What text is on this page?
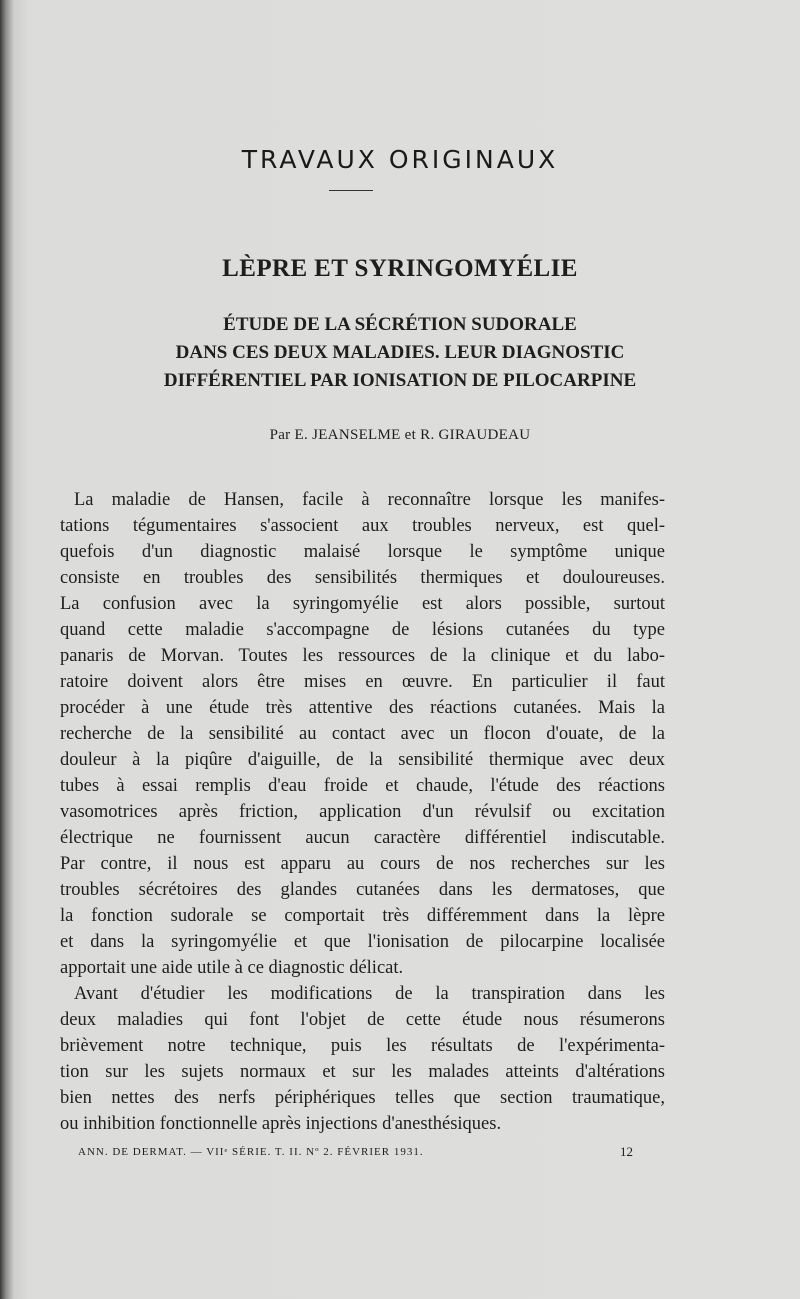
TRAVAUX ORIGINAUX
LÈPRE ET SYRINGOMYÉLIE
ÉTUDE DE LA SÉCRÉTION SUDORALE
DANS CES DEUX MALADIES. LEUR DIAGNOSTIC
DIFFÉRENTIEL PAR IONISATION DE PILOCARPINE
Par E. JEANSELME et R. GIRAUDEAU
La maladie de Hansen, facile à reconnaître lorsque les manifes-
tations tégumentaires s'associent aux troubles nerveux, est quel-
quefois d'un diagnostic malaisé lorsque le symptôme unique
consiste en troubles des sensibilités thermiques et douloureuses.
La confusion avec la syringomyélie est alors possible, surtout
quand cette maladie s'accompagne de lésions cutanées du type
panaris de Morvan. Toutes les ressources de la clinique et du labo-
ratoire doivent alors être mises en œuvre. En particulier il faut
procéder à une étude très attentive des réactions cutanées. Mais la
recherche de la sensibilité au contact avec un flocon d'ouate, de la
douleur à la piqûre d'aiguille, de la sensibilité thermique avec deux
tubes à essai remplis d'eau froide et chaude, l'étude des réactions
vasomotrices après friction, application d'un révulsif ou excitation
électrique ne fournissent aucun caractère différentiel indiscutable.
Par contre, il nous est apparu au cours de nos recherches sur les
troubles sécrétoires des glandes cutanées dans les dermatoses, que
la fonction sudorale se comportait très différemment dans la lèpre
et dans la syringomyélie et que l'ionisation de pilocarpine localisée
apportait une aide utile à ce diagnostic délicat.
Avant d'étudier les modifications de la transpiration dans les
deux maladies qui font l'objet de cette étude nous résumerons
brièvement notre technique, puis les résultats de l'expérimenta-
tion sur les sujets normaux et sur les malades atteints d'altérations
bien nettes des nerfs périphériques telles que section traumatique,
ou inhibition fonctionnelle après injections d'anesthésiques.
ANN. DE DERMAT. — VIIᵉ SÉRIE. T. II. Nº 2. FÉVRIER 1931.	12
